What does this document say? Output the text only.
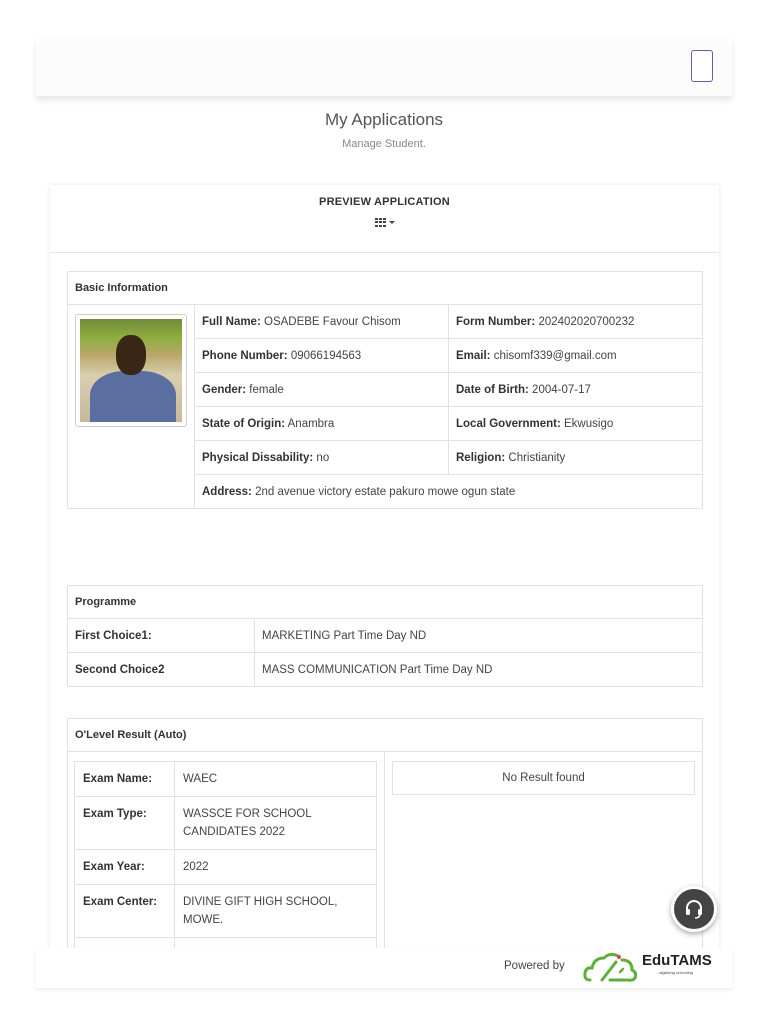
My Applications
Manage Student.
PREVIEW APPLICATION
Basic Information
	Full Name: OSADEBE Favour Chisom	Form Number: 202402020700232
	Phone Number: 09066194563	Email: chisomf339@gmail.com
	Gender: female	Date of Birth: 2004-07-17
	State of Origin: Anambra	Local Government: Ekwusigo
	Physical Dissability: no	Religion: Christianity
	Address: 2nd avenue victory estate pakuro mowe ogun state	
Programme
First Choice1:	MARKETING Part Time Day ND
Second Choice2	MASS COMMUNICATION Part Time Day ND
O'Level Result (Auto)
Exam Name:	WAEC
Exam Type:	WASSCE FOR SCHOOL CANDIDATES 2022
Exam Year:	2022
Exam Center:	DIVINE GIFT HIGH SCHOOL, MOWE.

No Result found
Powered by	EduTAMS
...digitizing schooling
